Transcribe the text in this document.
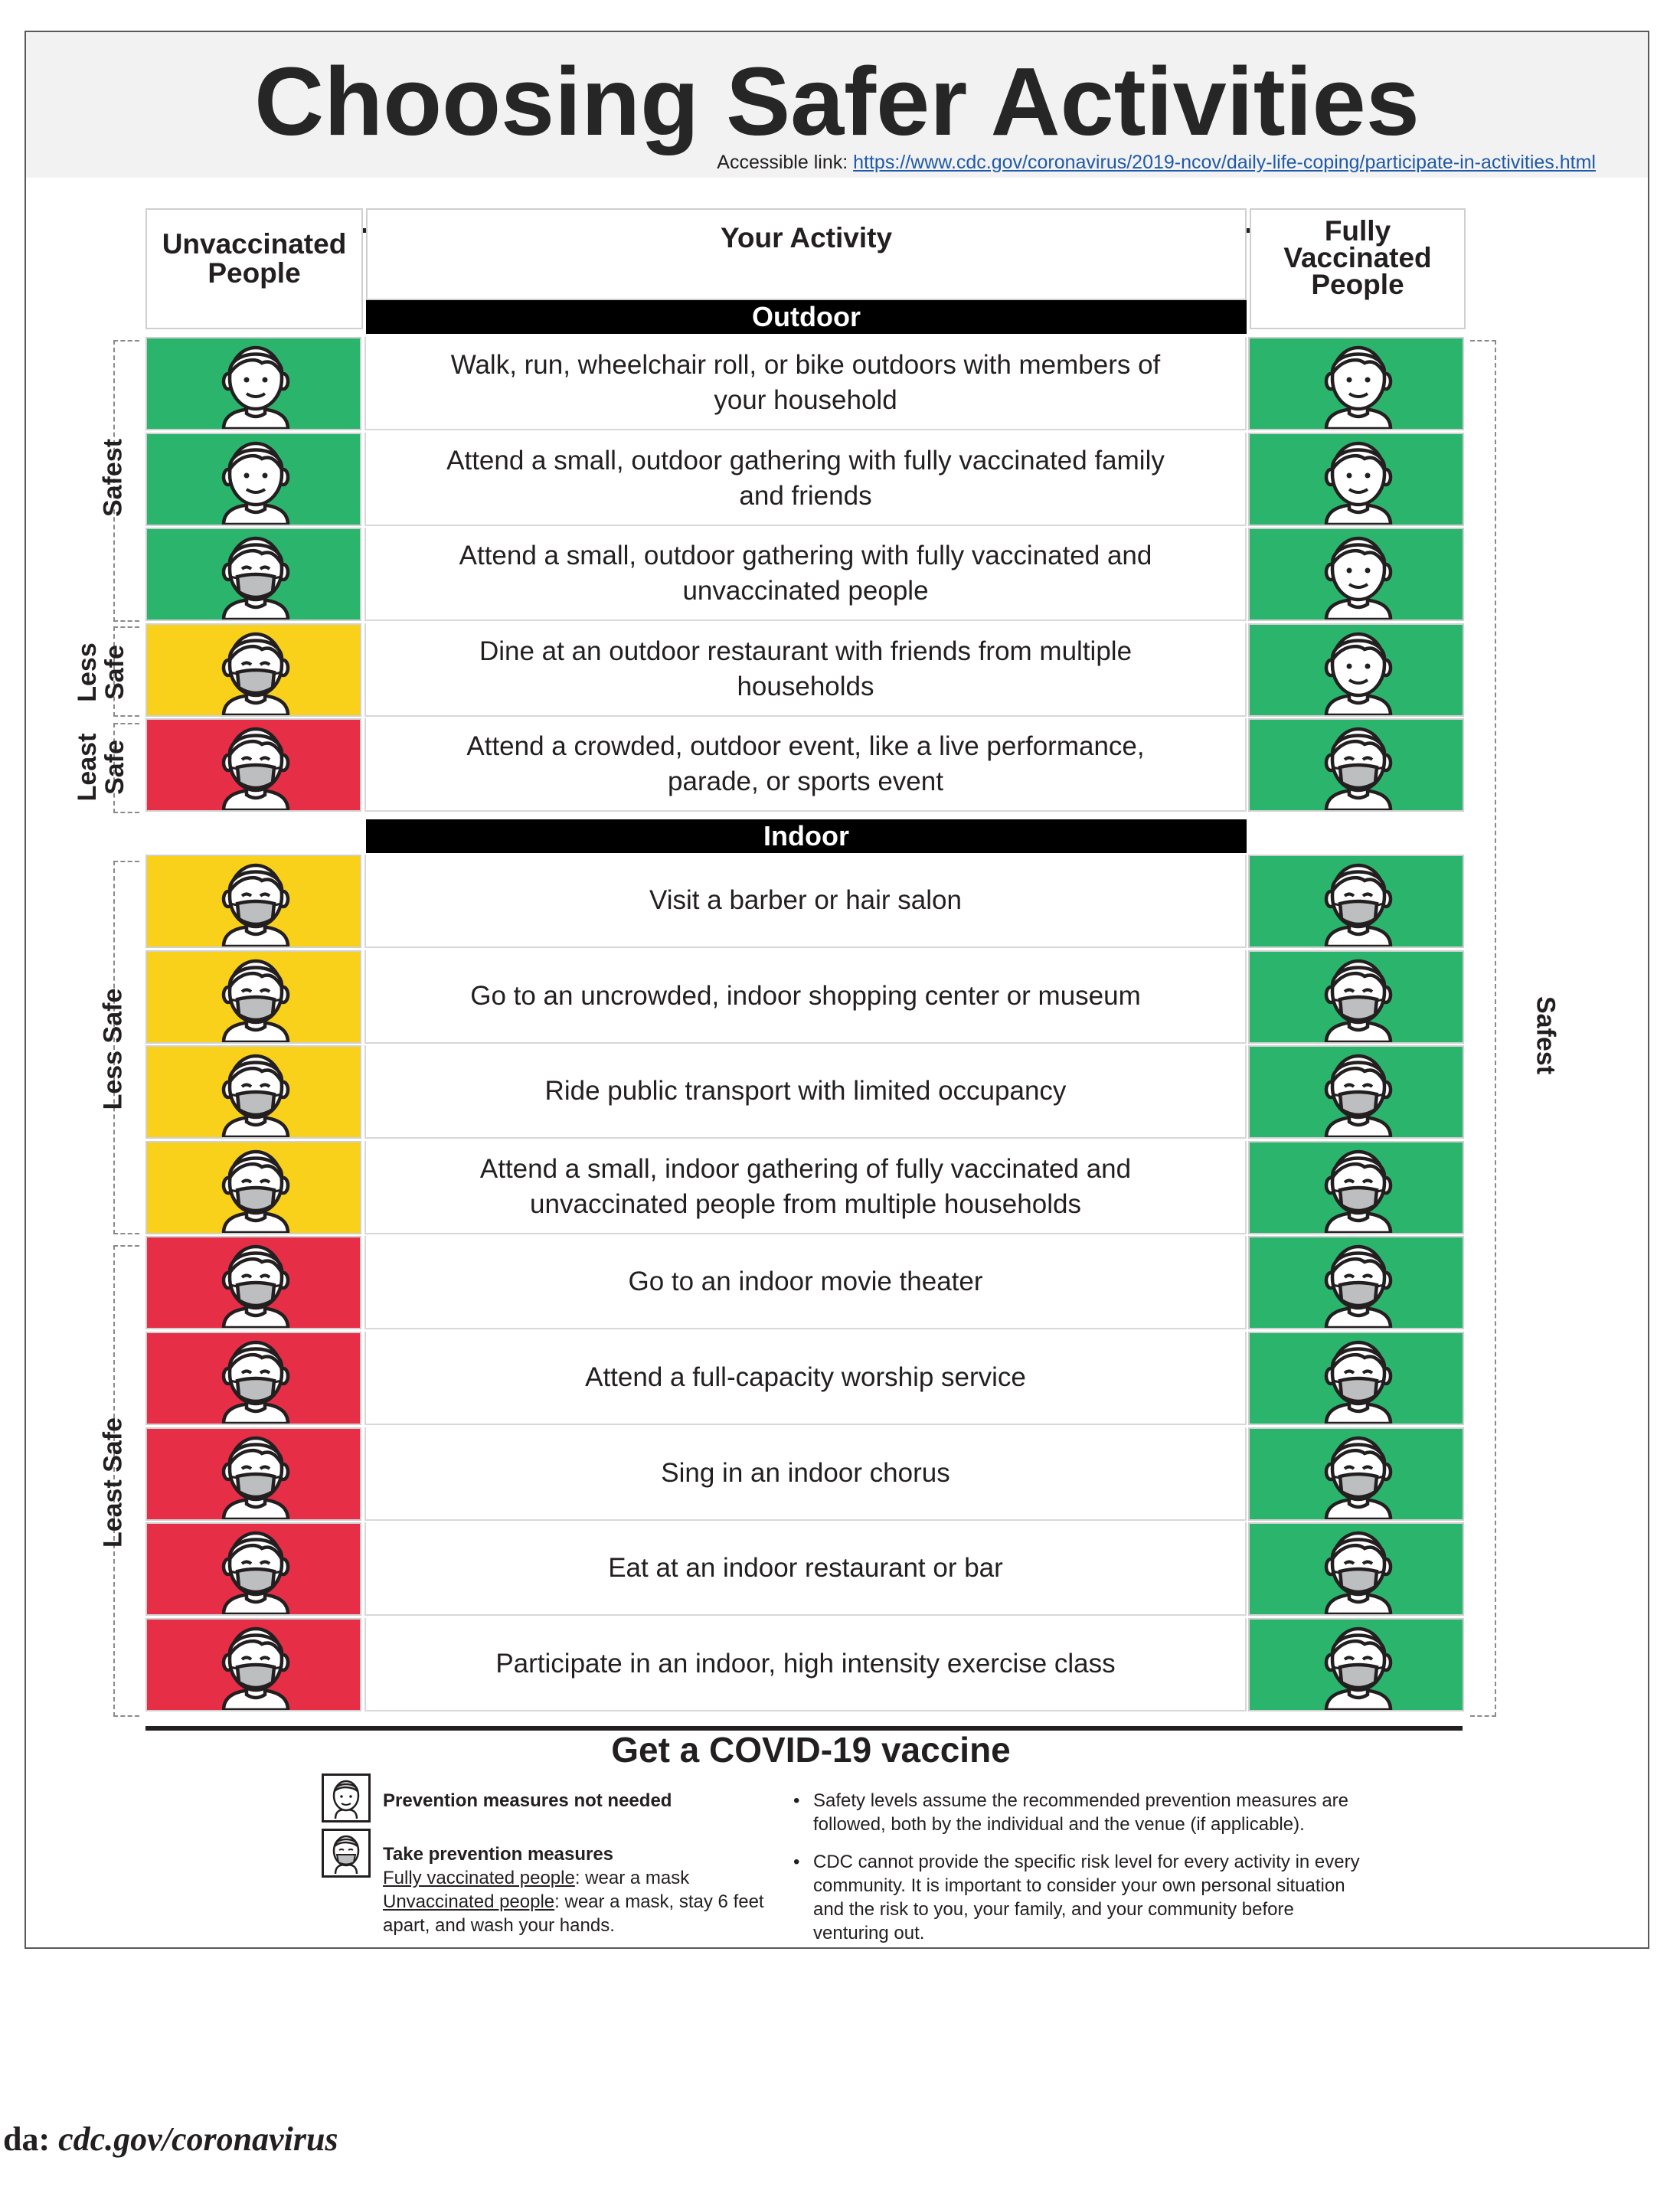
Choosing Safer Activities
Accessible link: https://www.cdc.gov/coronavirus/2019-ncov/daily-life-coping/participate-in-activities.html
Unvaccinated People
Your Activity	Fully Vaccinated People
Outdoor
Walk, run, wheelchair roll, or bike outdoors with members of your household
Attend a small, outdoor gathering with fully vaccinated family and friends
Attend a small, outdoor gathering with fully vaccinated and unvaccinated people
Dine at an outdoor restaurant with friends from multiple households
Attend a crowded, outdoor event, like a live performance, parade, or sports event
Indoor
Visit a barber or hair salon
Go to an uncrowded, indoor shopping center or museum
Ride public transport with limited occupancy
Attend a small, indoor gathering of fully vaccinated and unvaccinated people from multiple households
Go to an indoor movie theater
Attend a full-capacity worship service
Sing in an indoor chorus
Eat at an indoor restaurant or bar
Participate in an indoor, high intensity exercise class
Safest
Less
Safe
Least
Safe
Less Safe
Least Safe
Safest
Get a COVID-19 vaccine
Prevention measures not needed
Take prevention measures
Fully vaccinated people: wear a mask
Unvaccinated people: wear a mask, stay 6 feet apart, and wash your hands.
• Safety levels assume the recommended prevention measures are followed, both by the individual and the venue (if applicable).
• CDC cannot provide the specific risk level for every activity in every community. It is important to consider your own personal situation and the risk to you, your family, and your community before venturing out.
da: cdc.gov/coronavirus
